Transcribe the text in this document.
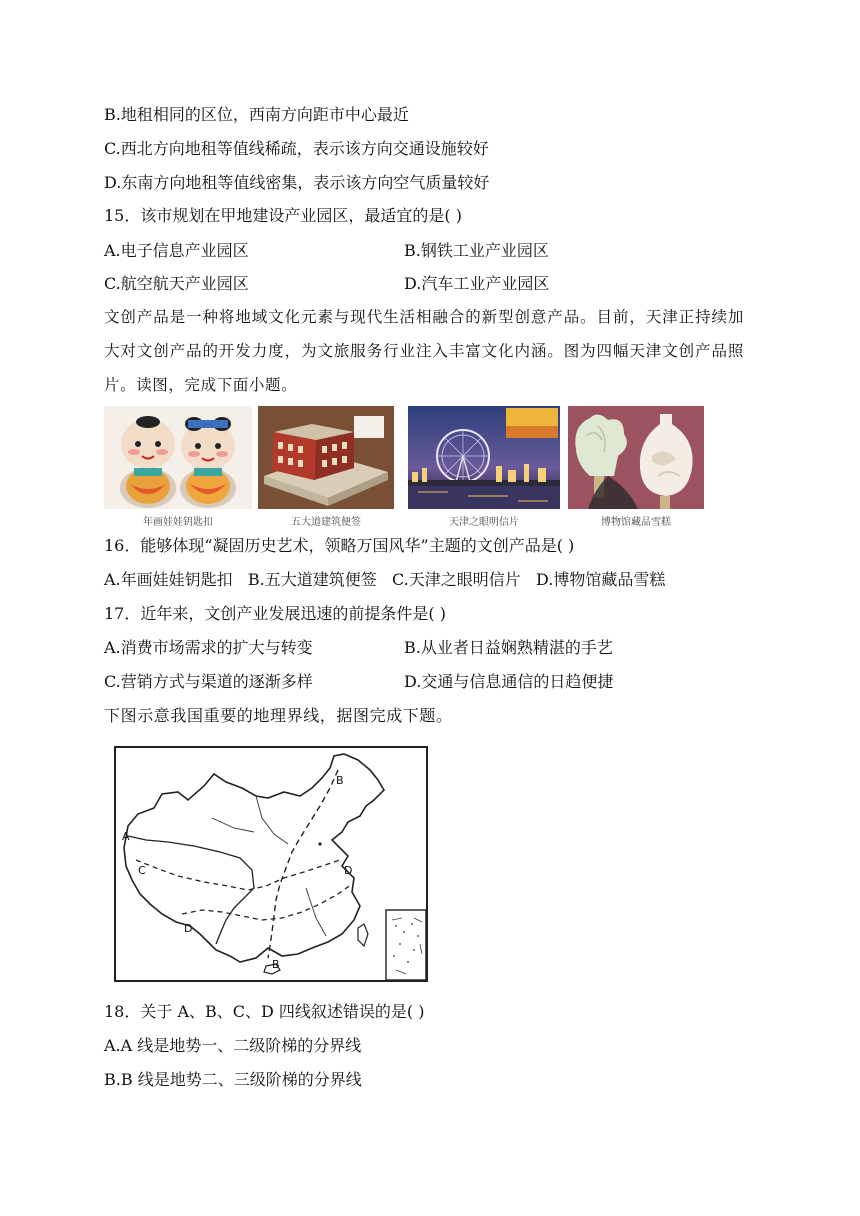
B.地租相同的区位，西南方向距市中心最近
C.西北方向地租等值线稀疏，表示该方向交通设施较好
D.东南方向地租等值线密集，表示该方向空气质量较好
15．该市规划在甲地建设产业园区，最适宜的是( )
A.电子信息产业园区	B.钢铁工业产业园区
C.航空航天产业园区	D.汽车工业产业园区
文创产品是一种将地域文化元素与现代生活相融合的新型创意产品。目前，天津正持续加大对文创产品的开发力度，为文旅服务行业注入丰富文化内涵。图为四幅天津文创产品照片。读图，完成下面小题。
年画娃娃钥匙扣	五大道建筑便签	天津之眼明信片	博物馆藏品雪糕
16．能够体现“凝固历史艺术，领略万国风华”主题的文创产品是( )
A.年画娃娃钥匙扣   B.五大道建筑便签   C.天津之眼明信片   D.博物馆藏品雪糕
17．近年来，文创产业发展迅速的前提条件是( )
A.消费市场需求的扩大与转变	B.从业者日益娴熟精湛的手艺
C.营销方式与渠道的逐渐多样	D.交通与信息通信的日趋便捷
下图示意我国重要的地理界线，据图完成下题。
B
A
C	D
D
B
18．关于 A、B、C、D 四线叙述错误的是( )
A.A 线是地势一、二级阶梯的分界线
B.B 线是地势二、三级阶梯的分界线
